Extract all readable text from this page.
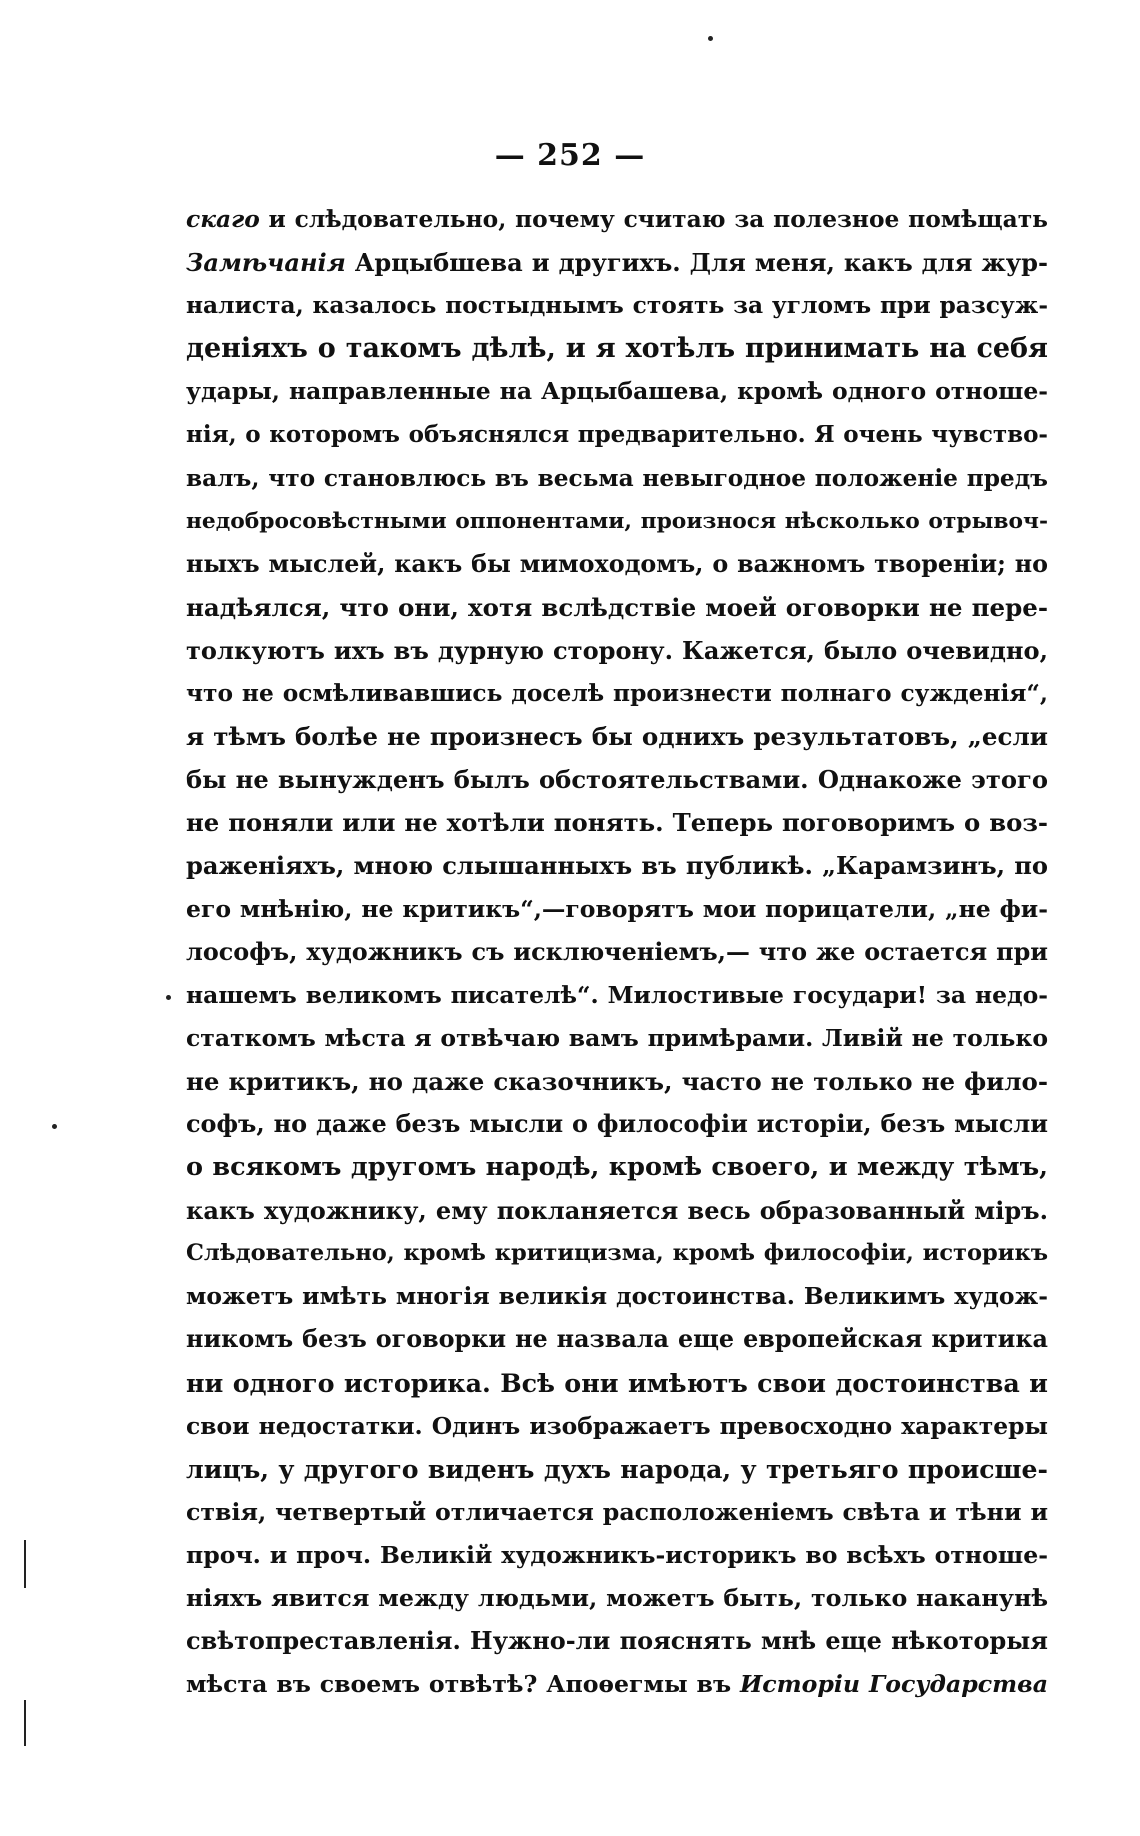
— 252 —
скаго и слѣдовательно, почему считаю за полезное помѣщать
Замѣчанія Арцыбшева и другихъ. Для меня, какъ для жур-
налиста, казалось постыднымъ стоять за угломъ при разсуж-
деніяхъ о такомъ дѣлѣ, и я хотѣлъ принимать на себя
удары, направленные на Арцыбашева, кромѣ одного отноше-
нія, о которомъ объяснялся предварительно. Я очень чувство-
валъ, что становлюсь въ весьма невыгодное положеніе предъ
недобросовѣстными оппонентами, произнося нѣсколько отрывоч-
ныхъ мыслей, какъ бы мимоходомъ, о важномъ твореніи; но
надѣялся, что они, хотя вслѣдствіе моей оговорки не пере-
толкуютъ ихъ въ дурную сторону. Кажется, было очевидно,
что не осмѣливавшись доселѣ произнести полнаго сужденія“,
я тѣмъ болѣе не произнесъ бы однихъ результатовъ, „если
бы не вынужденъ былъ обстоятельствами. Однакоже этого
не поняли или не хотѣли понять. Теперь поговоримъ о воз-
раженіяхъ, мною слышанныхъ въ публикѣ. „Карамзинъ, по
его мнѣнію, не критикъ“,—говорятъ мои порицатели, „не фи-
лософъ, художникъ съ исключеніемъ,— что же остается при
нашемъ великомъ писателѣ“. Милостивые государи! за недо-
статкомъ мѣста я отвѣчаю вамъ примѣрами. Ливій не только
не критикъ, но даже сказочникъ, часто не только не фило-
софъ, но даже безъ мысли о философіи исторіи, безъ мысли
о всякомъ другомъ народѣ, кромѣ своего, и между тѣмъ,
какъ художнику, ему покланяется весь образованный міръ.
Слѣдовательно, кромѣ критицизма, кромѣ философіи, историкъ
можетъ имѣть многія великія достоинства. Великимъ худож-
никомъ безъ оговорки не назвала еще европейская критика
ни одного историка. Всѣ они имѣютъ свои достоинства и
свои недостатки. Одинъ изображаетъ превосходно характеры
лицъ, у другого виденъ духъ народа, у третьяго происше-
ствія, четвертый отличается расположеніемъ свѣта и тѣни и
проч. и проч. Великій художникъ-историкъ во всѣхъ отноше-
ніяхъ явится между людьми, можетъ быть, только наканунѣ
свѣтопреставленія. Нужно-ли пояснять мнѣ еще нѣкоторыя
мѣста въ своемъ отвѣтѣ? Апоѳегмы въ Исторіи Государства
